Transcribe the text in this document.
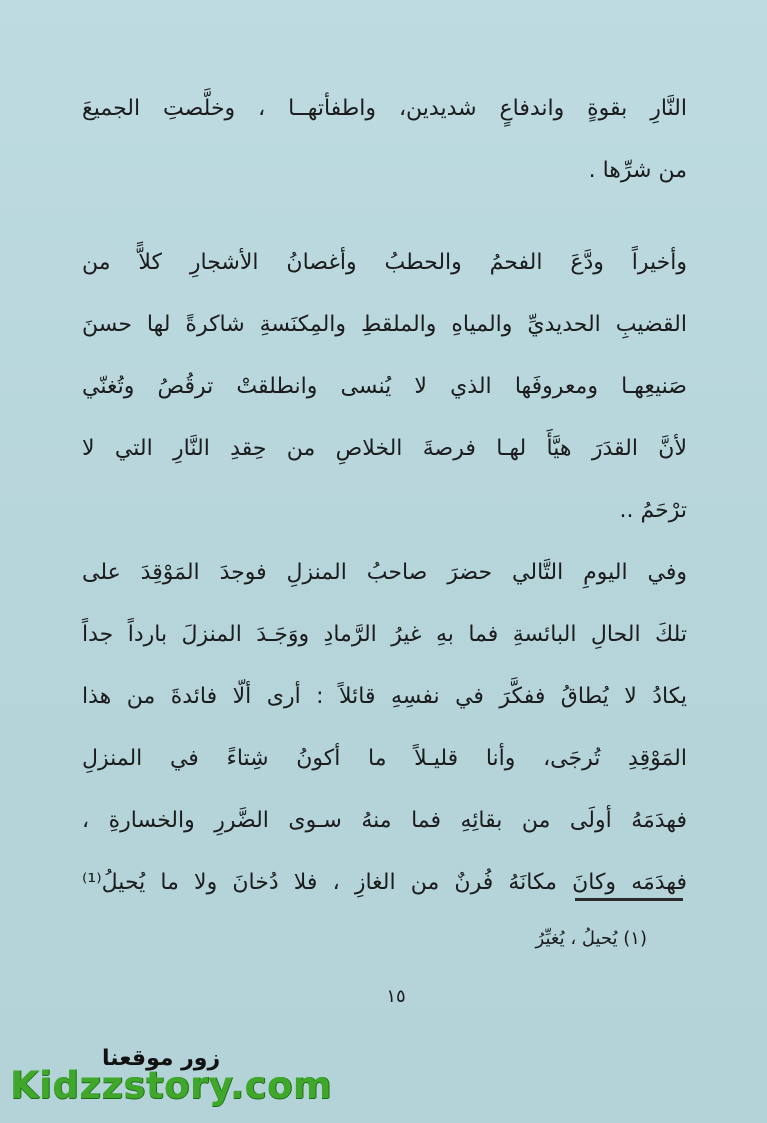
النَّارِ بقوةٍ واندفاعٍ شديدين، واطفأتهــا ، وخلَّصتِ الجميعَ
من شرِّها .
وأخيراً ودَّعَ الفحمُ والحطبُ وأغصانُ الأشجارِ كلاًّ من
القضيبِ الحديديِّ والمياهِ والملقطِ والمِكنَسةِ شاكرةً لها حسنَ
صَنيعِهـا ومعروفَها الذي لا يُنسى وانطلقتْ ترقُصُ وتُغنّي
لأنَّ القدَرَ هيَّأَ لهـا فرصةَ الخلاصِ من حِقدِ النَّارِ التي لا
ترْحَمُ ..
وفي اليومِ التَّالي حضرَ صاحبُ المنزلِ فوجدَ المَوْقِدَ على
تلكَ الحالِ البائسةِ فما بهِ غيرُ الرَّمادِ ووَجَـدَ المنزلَ بارداً جداً
يكادُ لا يُطاقُ ففكَّرَ في نفسِهِ قائلاً : أرى ألّا فائدةَ من هذا
المَوْقِدِ تُرجَى، وأنا قليـلاً ما أكونُ شِتاءً في المنزلِ
فهدَمَهُ أولَى من بقائِهِ فما منهُ سـوى الضَّررِ والخسارةِ ،
فهدَمَه وكانَ مكانَهُ فُرنٌ من الغازِ ، فلا دُخانَ ولا ما يُحيلُ⁽¹⁾
(١) يُحيلُ ، يُغيِّرُ
١٥
زور موقعنا
Kidzzstory.com
